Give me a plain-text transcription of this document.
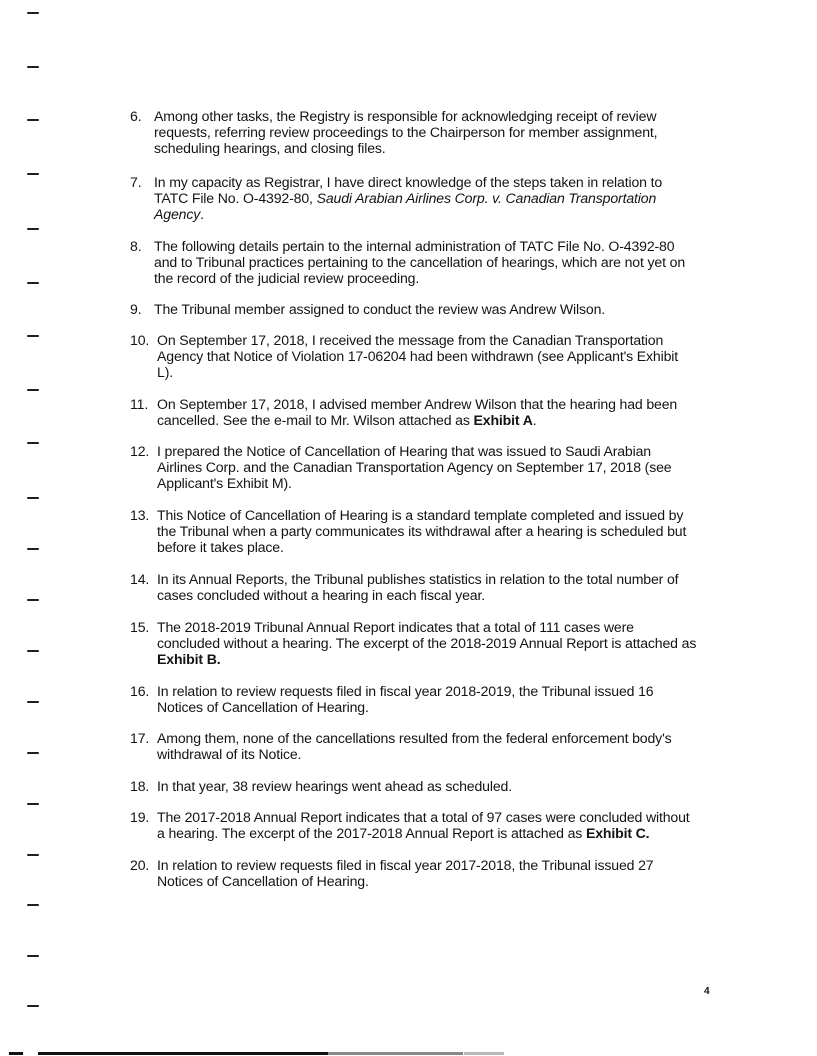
6. Among other tasks, the Registry is responsible for acknowledging receipt of review
requests, referring review proceedings to the Chairperson for member assignment,
scheduling hearings, and closing files.
7. In my capacity as Registrar, I have direct knowledge of the steps taken in relation to
TATC File No. O-4392-80, Saudi Arabian Airlines Corp. v. Canadian Transportation
Agency.
8. The following details pertain to the internal administration of TATC File No. O-4392-80
and to Tribunal practices pertaining to the cancellation of hearings, which are not yet on
the record of the judicial review proceeding.
9. The Tribunal member assigned to conduct the review was Andrew Wilson.
10. On September 17, 2018, I received the message from the Canadian Transportation
Agency that Notice of Violation 17-06204 had been withdrawn (see Applicant's Exhibit
L).
11. On September 17, 2018, I advised member Andrew Wilson that the hearing had been
cancelled. See the e-mail to Mr. Wilson attached as Exhibit A.
12. I prepared the Notice of Cancellation of Hearing that was issued to Saudi Arabian
Airlines Corp. and the Canadian Transportation Agency on September 17, 2018 (see
Applicant's Exhibit M).
13. This Notice of Cancellation of Hearing is a standard template completed and issued by
the Tribunal when a party communicates its withdrawal after a hearing is scheduled but
before it takes place.
14. In its Annual Reports, the Tribunal publishes statistics in relation to the total number of
cases concluded without a hearing in each fiscal year.
15. The 2018-2019 Tribunal Annual Report indicates that a total of 111 cases were
concluded without a hearing. The excerpt of the 2018-2019 Annual Report is attached as
Exhibit B.
16. In relation to review requests filed in fiscal year 2018-2019, the Tribunal issued 16
Notices of Cancellation of Hearing.
17. Among them, none of the cancellations resulted from the federal enforcement body's
withdrawal of its Notice.
18. In that year, 38 review hearings went ahead as scheduled.
19. The 2017-2018 Annual Report indicates that a total of 97 cases were concluded without
a hearing. The excerpt of the 2017-2018 Annual Report is attached as Exhibit C.
20. In relation to review requests filed in fiscal year 2017-2018, the Tribunal issued 27
Notices of Cancellation of Hearing.
4
